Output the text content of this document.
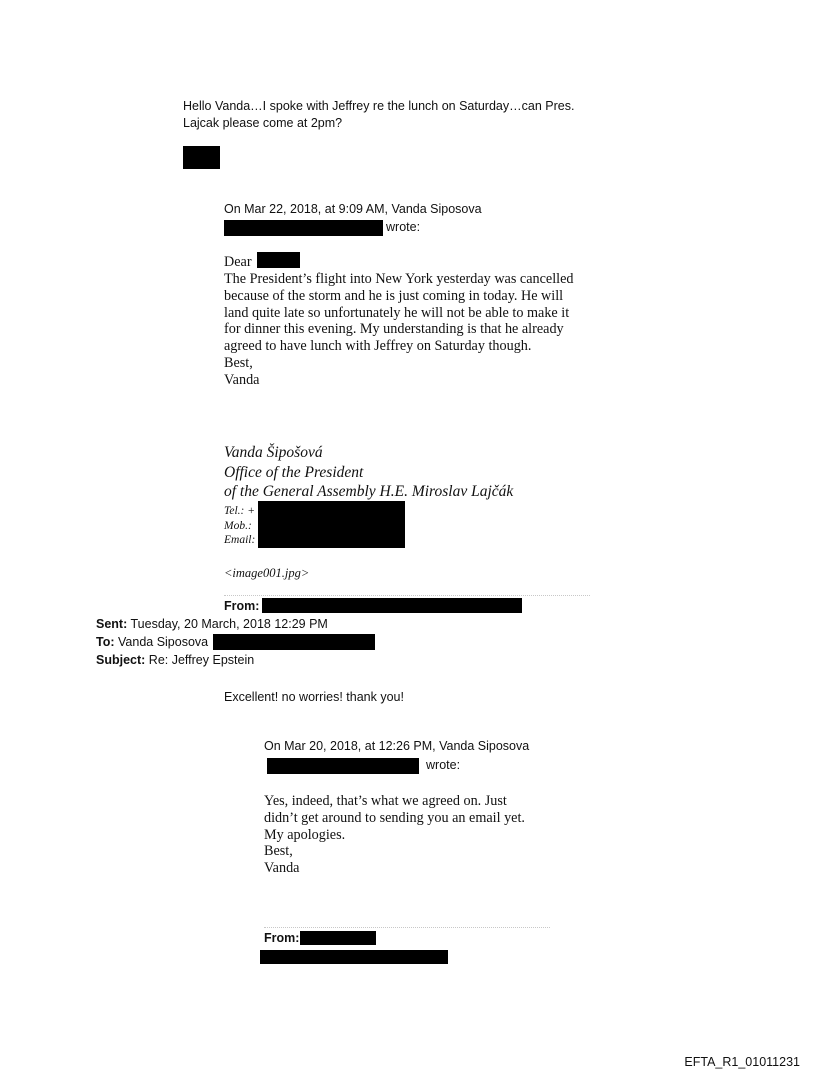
Hello Vanda…I spoke with Jeffrey re the lunch on Saturday…can Pres.

Lajcak please come at 2pm?

On Mar 22, 2018, at 9:09 AM, Vanda Siposova
wrote:
Dear

The President’s flight into New York yesterday was cancelled

because of the storm and he is just coming in today. He will

land quite late so unfortunately he will not be able to make it

for dinner this evening. My understanding is that he already

agreed to have lunch with Jeffrey on Saturday though.

Best,

Vanda

Vanda Šipošová

Office of the President

of the General Assembly H.E. Miroslav Lajčák

Tel.: +

Mob.:

Email:

<image001.jpg>
From:
Sent: Tuesday, 20 March, 2018 12:29 PM
To: Vanda Siposova
Subject: Re: Jeffrey Epstein
Excellent! no worries! thank you!
On Mar 20, 2018, at 12:26 PM, Vanda Siposova
wrote:

Yes, indeed, that’s what we agreed on. Just

didn’t get around to sending you an email yet.

My apologies.

Best,

Vanda

From:
EFTA_R1_01011231
